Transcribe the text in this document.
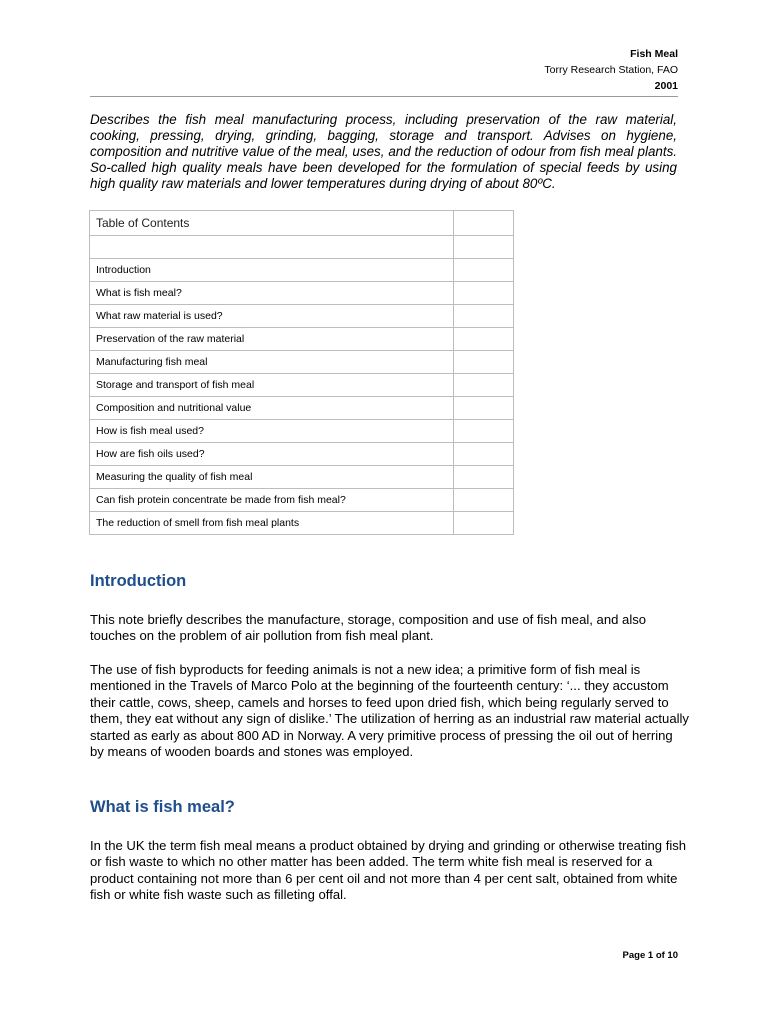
Fish Meal
Torry Research Station, FAO
2001

Describes the fish meal manufacturing process, including preservation of the raw material, cooking, pressing, drying, grinding, bagging, storage and transport. Advises on hygiene, composition and nutritive value of the meal, uses, and the reduction of odour from fish meal plants. So-called high quality meals have been developed for the formulation of special feeds by using high quality raw materials and lower temperatures during drying of about 80ºC.

Table of Contents	

Introduction	
What is fish meal?	
What raw material is used?	
Preservation of the raw material	
Manufacturing fish meal	
Storage and transport of fish meal	
Composition and nutritional value	
How is fish meal used?	
How are fish oils used?	
Measuring the quality of fish meal	
Can fish protein concentrate be made from fish meal?	
The reduction of smell from fish meal plants	
Introduction

This note briefly describes the manufacture, storage, composition and use of fish meal, and also touches on the problem of air pollution from fish meal plant.

The use of fish byproducts for feeding animals is not a new idea; a primitive form of fish meal is mentioned in the Travels of Marco Polo at the beginning of the fourteenth century: ‘... they accustom their cattle, cows, sheep, camels and horses to feed upon dried fish, which being regularly served to them, they eat without any sign of dislike.’ The utilization of herring as an industrial raw material actually started as early as about 800 AD in Norway. A very primitive process of pressing the oil out of herring by means of wooden boards and stones was employed.

What is fish meal?

In the UK the term fish meal means a product obtained by drying and grinding or otherwise treating fish or fish waste to which no other matter has been added. The term white fish meal is reserved for a product containing not more than 6 per cent oil and not more than 4 per cent salt, obtained from white fish or white fish waste such as filleting offal.

Page 1 of 10
